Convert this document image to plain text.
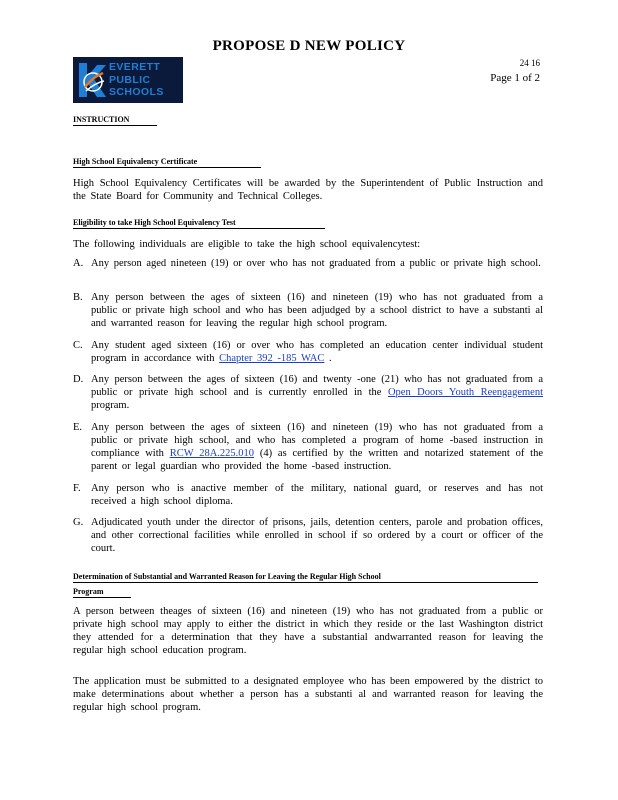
PROPOSE D NEW POLICY
EVERETT
PUBLIC
SCHOOLS
24 16
Page 1 of 2
INSTRUCTION
High School Equivalency Certificate
High School Equivalency Certificates will be awarded by the Superintendent of Public Instruction and the State Board for Community and Technical Colleges.
Eligibility to take High School Equivalency Test
The following individuals are eligible to take the high school equivalencytest:
A. Any person aged nineteen (19) or over who has not graduated from a public or private high school.
B. Any person between the ages of sixteen (16) and nineteen (19) who has not graduated from a public or private high school and who has been adjudged by a school district to have a substanti al and warranted reason for leaving the regular high school program.
C. Any student aged sixteen (16) or over who has completed an education center individual student program in accordance with Chapter 392 -185 WAC .
D. Any person between the ages of sixteen (16) and twenty -one (21) who has not graduated from a public or private high school and is currently enrolled in the Open Doors Youth Reengagement program.
E. Any person between the ages of sixteen (16) and nineteen (19) who has not graduated from a public or private high school, and who has completed a program of home -based instruction in compliance with RCW 28A.225.010 (4) as certified by the written and notarized statement of the parent or legal guardian who provided the home -based instruction.
F. Any person who is anactive member of the military, national guard, or reserves and has not received a high school diploma.
G. Adjudicated youth under the director of prisons, jails, detention centers, parole and probation offices, and other correctional facilities while enrolled in school if so ordered by a court or officer of the court.
Determination of Substantial and Warranted Reason for Leaving the Regular High School
Program
A person between theages of sixteen (16) and nineteen (19) who has not graduated from a public or private high school may apply to either the district in which they reside or the last Washington district they attended for a determination that they have a substantial andwarranted reason for leaving the regular high school education program.
The application must be submitted to a designated employee who has been empowered by the district to make determinations about whether a person has a substanti al and warranted reason for leaving the regular high school program.
